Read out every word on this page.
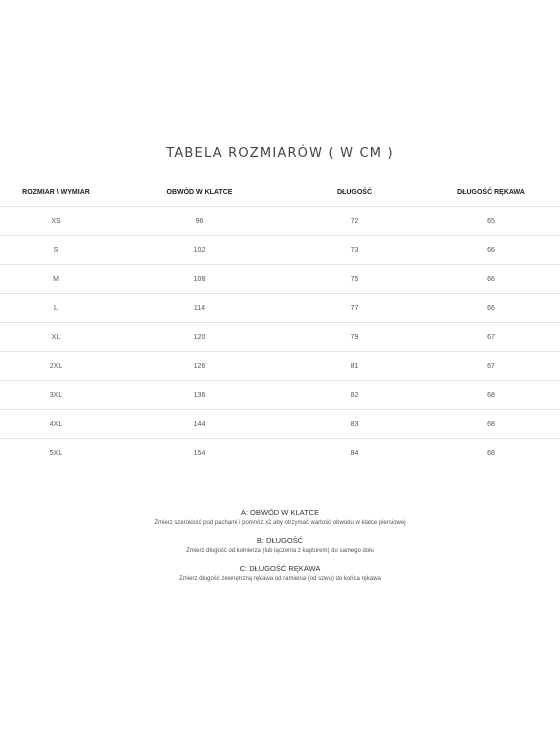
TABELA ROZMIARÓW ( W CM )
ROZMIAR \ WYMIAR	OBWÓD W KLATCE	DŁUGOŚĆ	DŁUGOŚĆ RĘKAWA
XS	96	72	65
S	102	73	66
M	108	75	66
L	114	77	66
XL	120	79	67
2XL	126	81	67
3XL	136	82	68
4XL	144	83	68
5XL	154	84	68
A: OBWÓD W KLATCE
Zmierz szerokość pod pachami i pomnóż x2 aby otrzymać wartość obwodu w klatce piersiowej
B: DŁUGOŚĆ
Zmierz długość od kołnierza (lub łączenia z kapturem) do samego dołu
C: DŁUGOŚĆ RĘKAWA
Zmierz długość zewnętrzną rękawa od ramienia (od szwu) do końca rękawa
